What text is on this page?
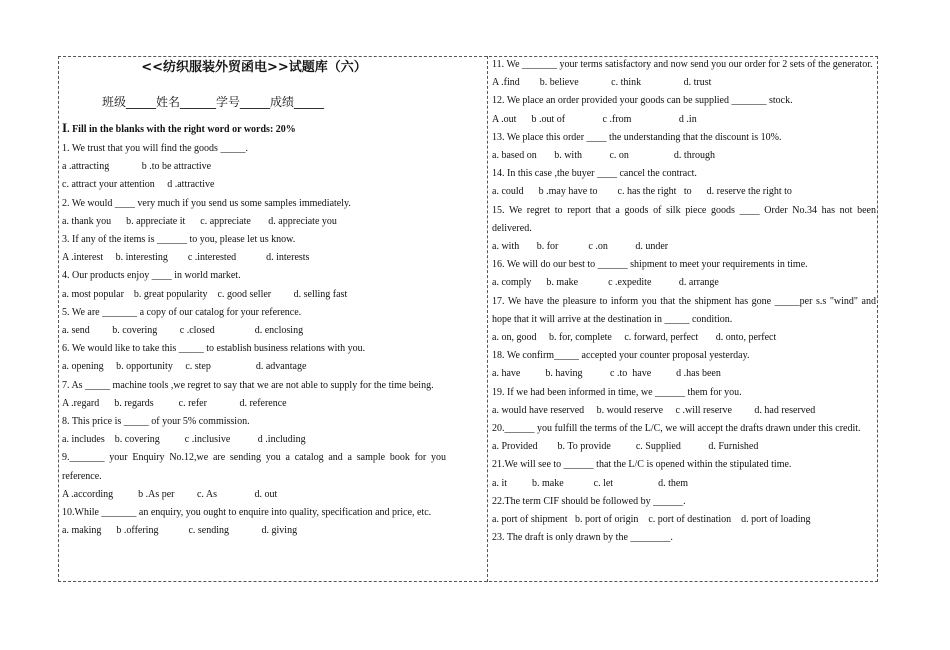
<<纺织服装外贸函电>>试题库（六）
班级_____姓名______学号_____成绩_____
I. Fill in the blanks with the right word or words: 20%
1. We trust that you will find the goods _____.
a .attracting             b .to be attractive
c. attract your attention     d .attractive
2. We would ____ very much if you send us some samples immediately.
a. thank you      b. appreciate it      c. appreciate       d. appreciate you
3. If any of the items is ______ to you, please let us know.
A .interest     b. interesting        c .interested            d. interests
4. Our products enjoy ____ in world market.
a. most popular    b. great popularity    c. good seller         d. selling fast
5. We are _______ a copy of our catalog for your reference.
a. send         b. covering         c .closed                d. enclosing
6. We would like to take this _____ to establish business relations with you.
a. opening     b. opportunity     c. step                  d. advantage
7. As _____ machine tools ,we regret to say that we are not able to supply for the time being.
A .regard      b. regards          c. refer             d. reference
8. This price is _____ of your 5% commission.
a. includes    b. covering          c .inclusive           d .including
9._______ your Enquiry No.12,we are sending you a catalog and a sample book for you reference.
A .according          b .As per         c. As               d. out
10.While _______ an enquiry, you ought to enquire into quality, specification and price, etc.
a. making      b .offering            c. sending             d. giving
11. We _______ your terms satisfactory and now send you our order for 2 sets of the generator.
A .find        b. believe             c. think                 d. trust
12. We place an order provided your goods can be supplied _______ stock.
A .out      b .out of               c .from                   d .in
13. We place this order ____ the understanding that the discount is 10%.
a. based on       b. with           c. on                  d. through
14. In this case ,the buyer ____ cancel the contract.
a. could      b .may have to        c. has the right   to      d. reserve the right to
15. We regret to report that a goods of silk piece goods ____ Order No.34 has not been delivered.
a. with       b. for            c .on           d. under
16. We will do our best to ______ shipment to meet your requirements in time.
a. comply      b. make            c .expedite           d. arrange
17. We have the pleasure to inform you that the shipment has gone _____per s.s "wind" and hope that it will arrive at the destination in _____ condition.
a. on, good     b. for, complete     c. forward, perfect       d. onto, perfect
18. We confirm_____ accepted your counter proposal yesterday.
a. have          b. having           c .to  have          d .has been
19. If we had been informed in time, we ______ them for you.
a. would have reserved     b. would reserve     c .will reserve         d. had reserved
20.______ you fulfill the terms of the L/C, we will accept the drafts drawn under this credit.
a. Provided        b. To provide          c. Supplied           d. Furnished
21.We will see to ______ that the L/C is opened within the stipulated time.
a. it          b. make            c. let                  d. them
22.The term CIF should be followed by ______.
a. port of shipment   b. port of origin    c. port of destination    d. port of loading
23. The draft is only drawn by the ________.
